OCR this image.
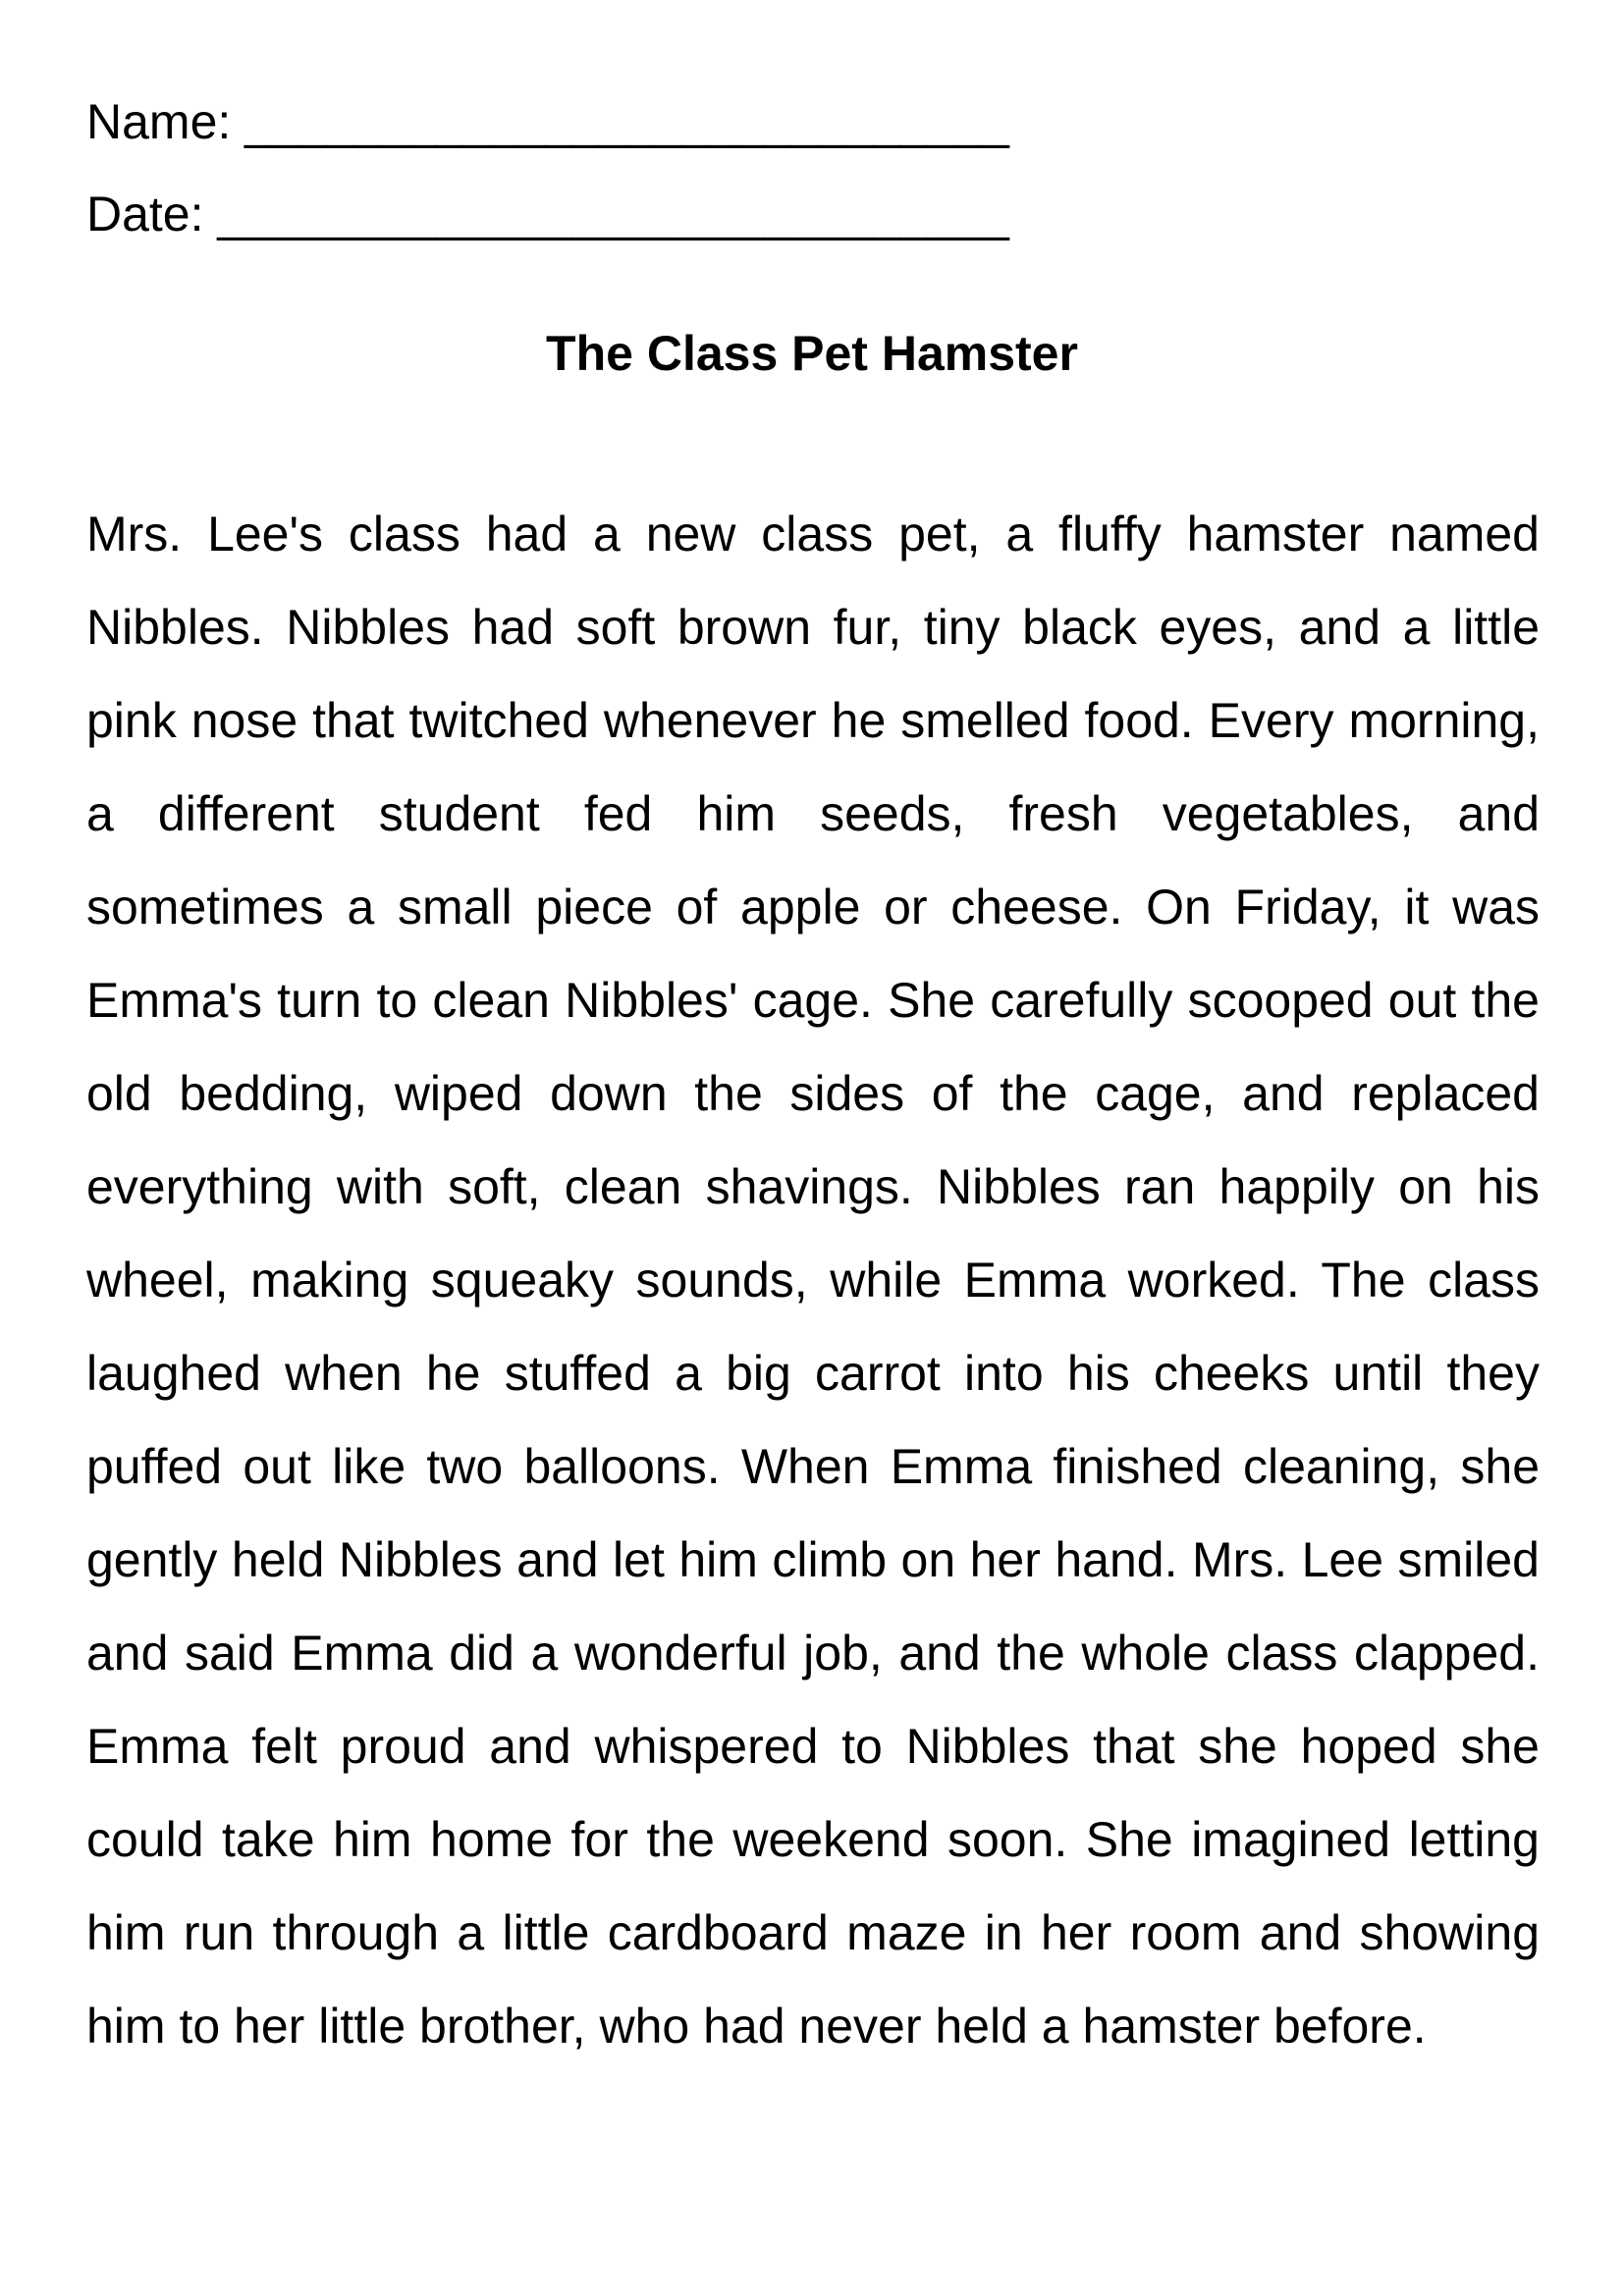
Name: ____________________________
Date: _____________________________
The Class Pet Hamster
Mrs. Lee's class had a new class pet, a fluffy hamster named
Nibbles. Nibbles had soft brown fur, tiny black eyes, and a little
pink nose that twitched whenever he smelled food. Every morning,
a different student fed him seeds, fresh vegetables, and
sometimes a small piece of apple or cheese. On Friday, it was
Emma's turn to clean Nibbles' cage. She carefully scooped out the
old bedding, wiped down the sides of the cage, and replaced
everything with soft, clean shavings. Nibbles ran happily on his
wheel, making squeaky sounds, while Emma worked. The class
laughed when he stuffed a big carrot into his cheeks until they
puffed out like two balloons. When Emma finished cleaning, she
gently held Nibbles and let him climb on her hand. Mrs. Lee smiled
and said Emma did a wonderful job, and the whole class clapped.
Emma felt proud and whispered to Nibbles that she hoped she
could take him home for the weekend soon. She imagined letting
him run through a little cardboard maze in her room and showing
him to her little brother, who had never held a hamster before.
